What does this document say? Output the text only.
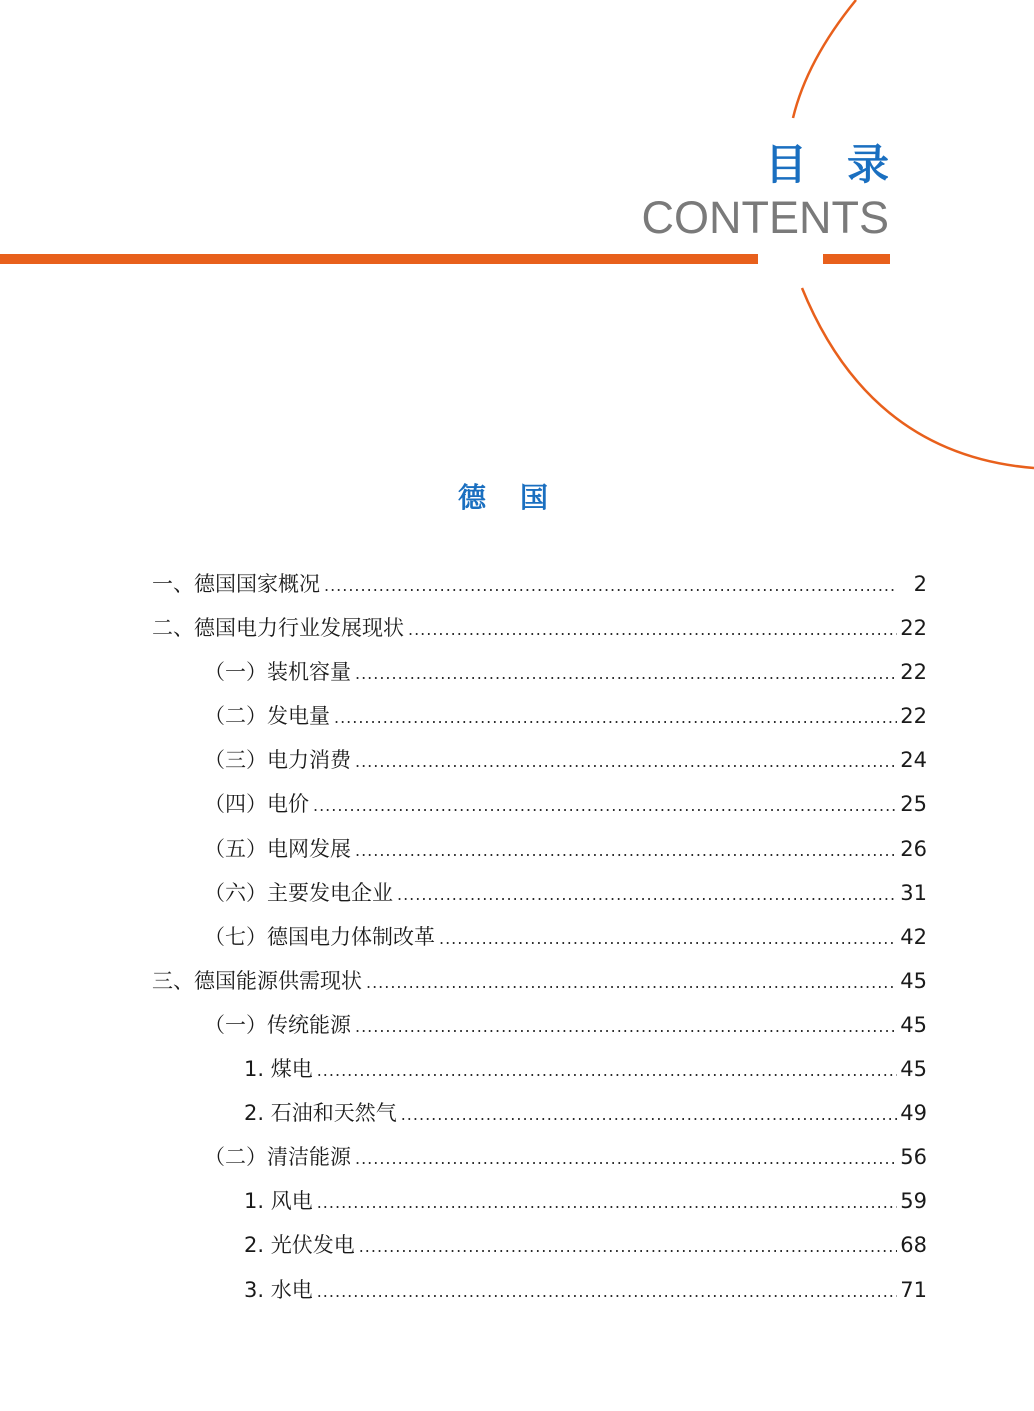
目录
CONTENTS
德国
一、德国国家概况 .....	2
二、德国电力行业发展现状 .....	22
（一）装机容量 .....	22
（二）发电量 .....	22
（三）电力消费 .....	24
（四）电价 .....	25
（五）电网发展 .....	26
（六）主要发电企业 .....	31
（七）德国电力体制改革 .....	42
三、德国能源供需现状 .....	45
（一）传统能源 .....	45
1. 煤电 .....	45
2. 石油和天然气 .....	49
（二）清洁能源 .....	56
1. 风电 .....	59
2. 光伏发电 .....	68
3. 水电 .....	71
